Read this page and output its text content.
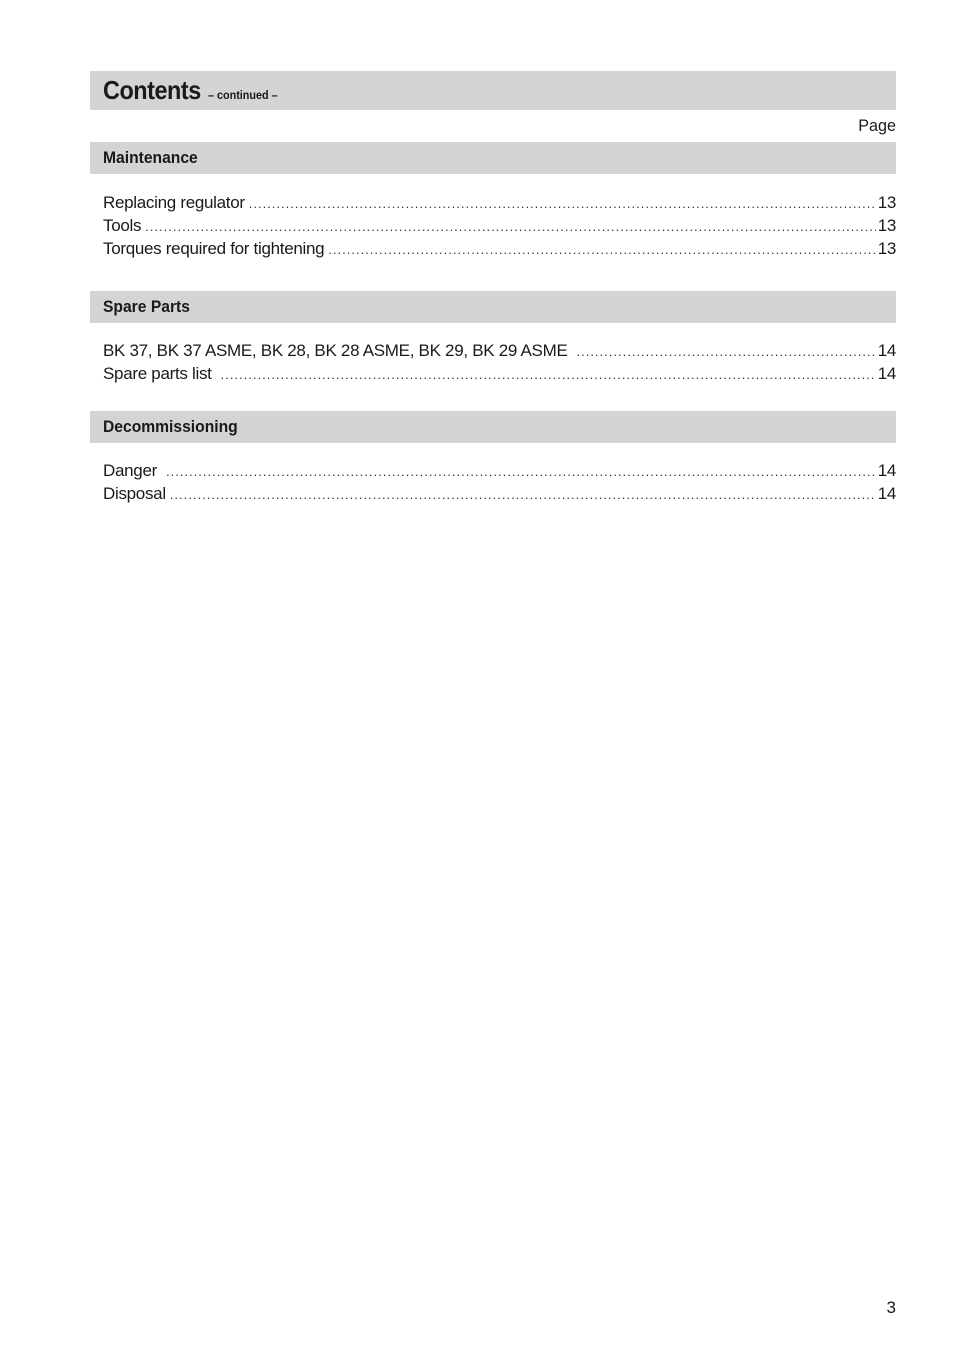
Contents – continued –
Page
Maintenance
Replacing regulator .....	13
Tools .....	13
Torques required for tightening .....	13
Spare Parts
BK 37, BK 37 ASME, BK 28, BK 28 ASME, BK 29, BK 29 ASME .....	14
Spare parts list .....	14
Decommissioning
Danger .....	14
Disposal .....	14
3
